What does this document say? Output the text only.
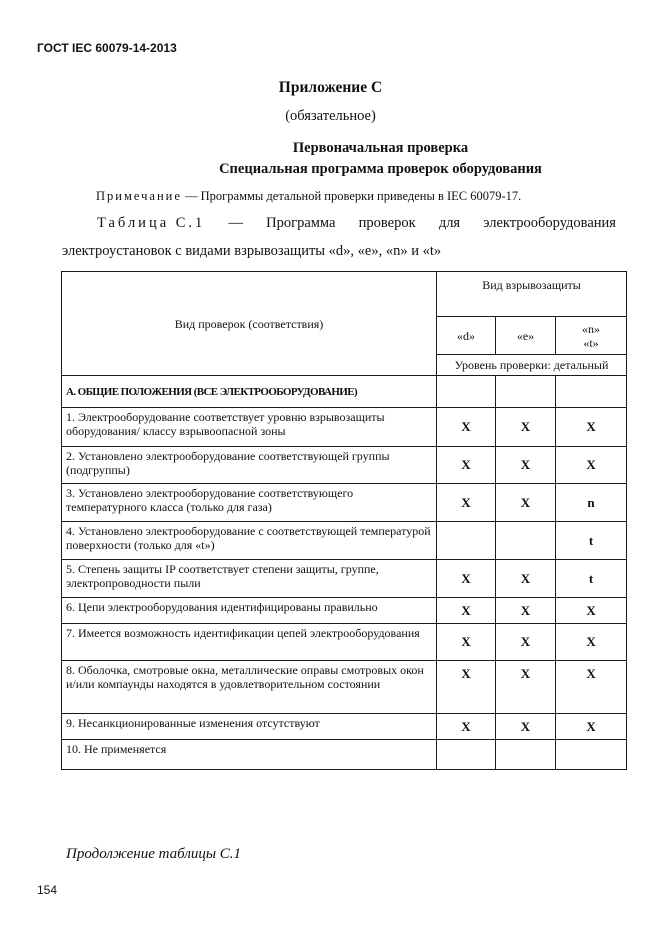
ГОСТ IEC 60079-14-2013
Приложение С
(обязательное)
Первоначальная проверка
Специальная программа проверок оборудования
Примечание — Программы детальной проверки приведены в IEC 60079-17.
Таблица С.1 — Программа проверок для электрооборудования
электроустановок с видами взрывозащиты «d», «е», «n» и «t»
Вид проверок (соответствия)	Вид взрывозащиты		
	«d»	«е»	«n»
«t»

	Уровень проверки: детальный		
А. ОБЩИЕ ПОЛОЖЕНИЯ (ВСЕ ЭЛЕКТРООБОРУДОВАНИЕ)			
1. Электрооборудование соответствует уровню взрывозащиты оборудования/ классу взрывоопасной зоны	X	X	X
2. Установлено электрооборудование соответствующей группы (подгруппы)	X	X	X
3. Установлено электрооборудование соответствующего температурного класса (только для газа)	X	X	n
4. Установлено электрооборудование с соответствующей температурой поверхности (только для «t»)			t
5. Степень защиты IP соответствует степени защиты, группе, электропроводности пыли	X	X	t
6. Цепи электрооборудования идентифицированы правильно	X	X	X
7. Имеется возможность идентификации цепей электрооборудования	X	X	X
8. Оболочка, смотровые окна, металлические оправы смотровых окон и/или компаунды находятся в удовлетворительном состоянии	X	X	X
9. Несанкционированные изменения отсутствуют	X	X	X
10. Не применяется			
Продолжение таблицы С.1
154
